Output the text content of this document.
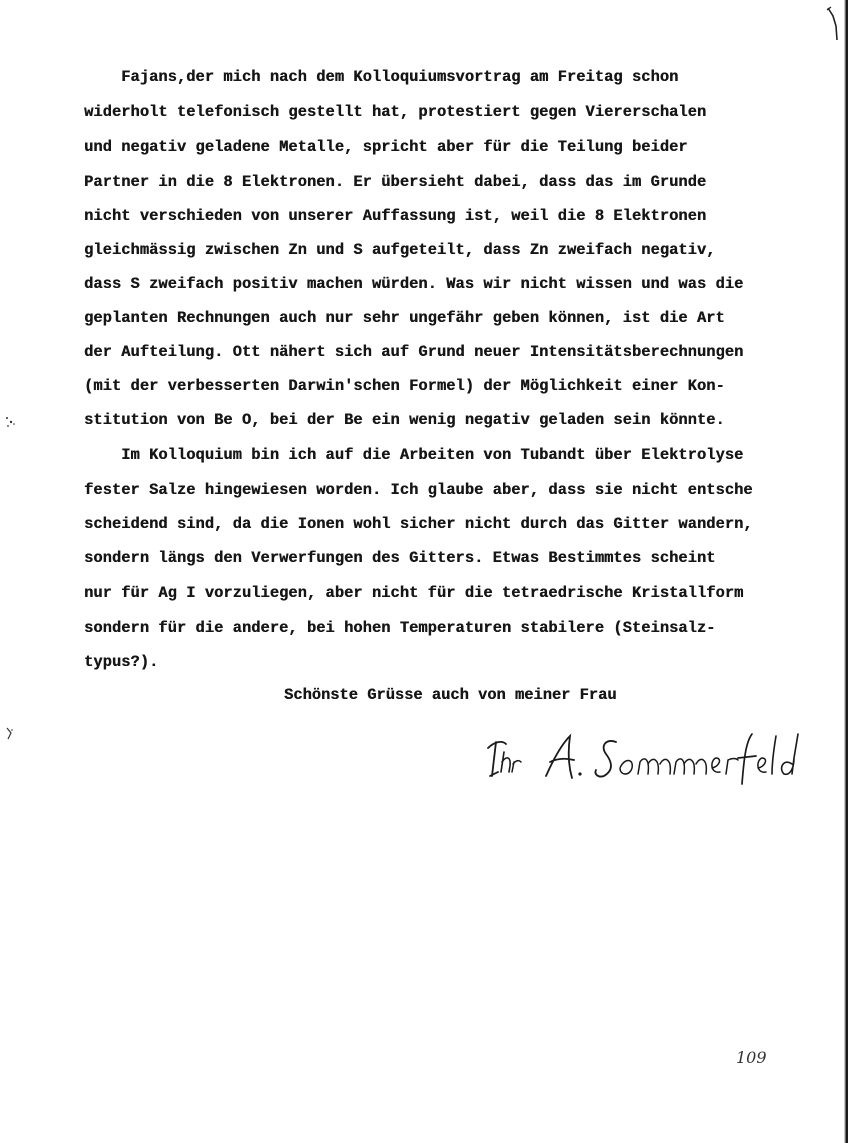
Fajans,der mich nach dem Kolloquiumsvortrag am Freitag schon
widerholt telefonisch gestellt hat, protestiert gegen Viererschalen
und negativ geladene Metalle, spricht aber für die Teilung beider
Partner in die 8 Elektronen. Er übersieht dabei, dass das im Grunde
nicht verschieden von unserer Auffassung ist, weil die 8 Elektronen
gleichmässig zwischen Zn und S aufgeteilt, dass Zn zweifach negativ,
dass S zweifach positiv machen würden. Was wir nicht wissen und was die
geplanten Rechnungen auch nur sehr ungefähr geben können, ist die Art
der Aufteilung. Ott nähert sich auf Grund neuer Intensitätsberechnungen
(mit der verbesserten Darwin'schen Formel) der Möglichkeit einer Kon-
stitution von Be O, bei der Be ein wenig negativ geladen sein könnte.
Im Kolloquium bin ich auf die Arbeiten von Tubandt über Elektrolyse
fester Salze hingewiesen worden. Ich glaube aber, dass sie nicht entsche
scheidend sind, da die Ionen wohl sicher nicht durch das Gitter wandern,
sondern längs den Verwerfungen des Gitters. Etwas Bestimmtes scheint
nur für Ag I vorzuliegen, aber nicht für die tetraedrische Kristallform
sondern für die andere, bei hohen Temperaturen stabilere (Steinsalz-
typus?).
Schönste Grüsse auch von meiner Frau
109
